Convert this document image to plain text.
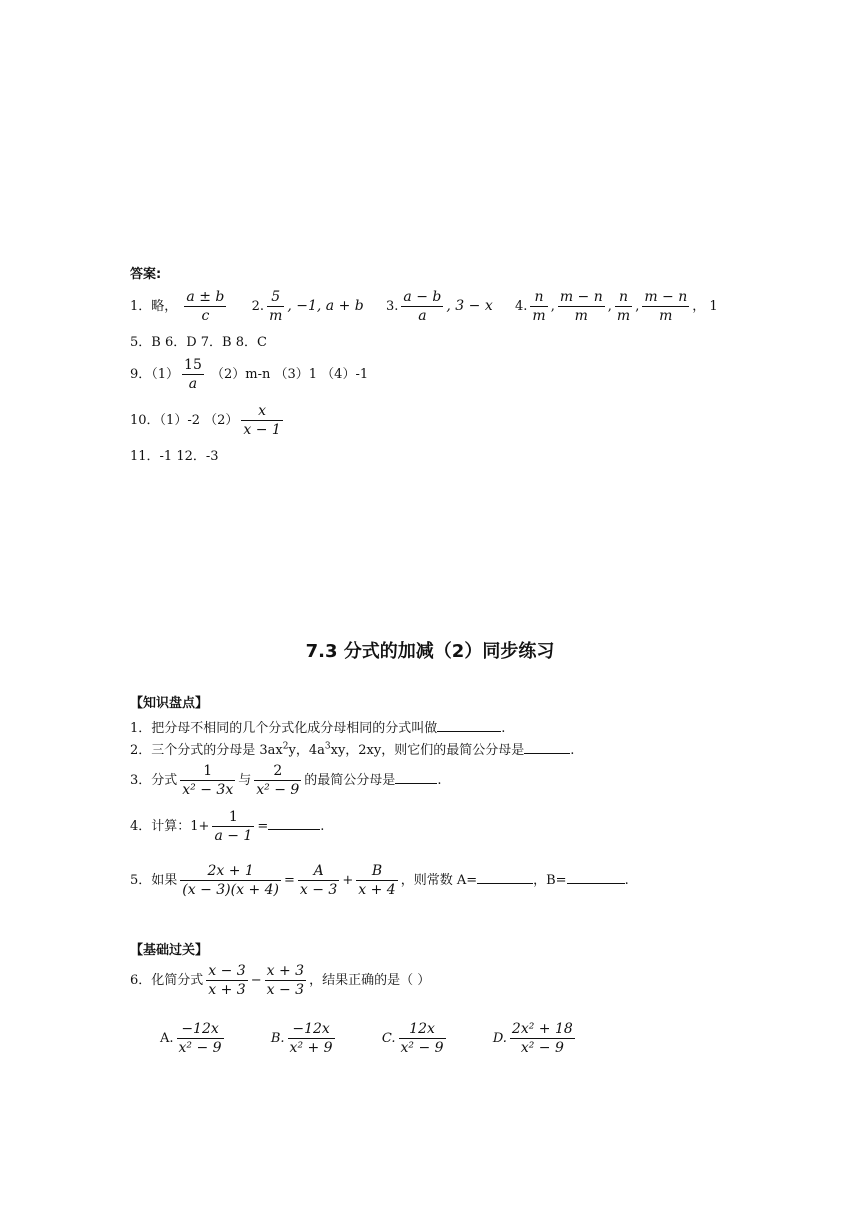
答案:
1．略， $\frac{a \pm b}{c} 2$. $\frac{5}{m}$ , −1, a + b 3. $\frac{a - b}{a}$ , 3 − x 4. $\frac{n}{m}$ , $\frac{m - n}{m}$ , $\frac{n}{m}$ , $\frac{m - n}{m}$ ， 1
5．B 6．D 7．B 8．C
9．$(1) \frac{15}{a} (2)m-n$ （3）1 （4）-1
10．（1）-2 $(2) \frac{x}{x - 1}$
11．-1 12．-3
7.3 分式的加减（2）同步练习
【知识盘点】
1．把分母不相同的几个分式化成分母相同的分式叫做	.
2．三个分式的分母是 $3ax^2y$，$4a^3xy$，2xy，则它们的最简公分母是	.
3．分式 $\frac{1}{\text{x² − 3x}}$ 与 $\frac{2}{\text{x² − 9}}$ 的最简公分母是	.
4．计算：$1+ \frac{1}{a - 1}$ =	.
5．如果 $\frac{2x + 1}{(x - 3)(x + 4)} = \frac{A}{x - 3} + \frac{B}{x + 4}$ ，则常数 A=	，B=	.
【基础过关】
6．化简分式 $\frac{x - 3}{x + 3} - \frac{x + 3}{x - 3}$ ，结果正确的是（ ）
A. $\frac{-12x}{\text{x² − 9}}$	B. $\frac{-12x}{\text{x² + 9}}$	C. $\frac{12x}{\text{x² − 9}}$	D. $\frac{\text{2x² + 18}}{\text{x² − 9}}$
